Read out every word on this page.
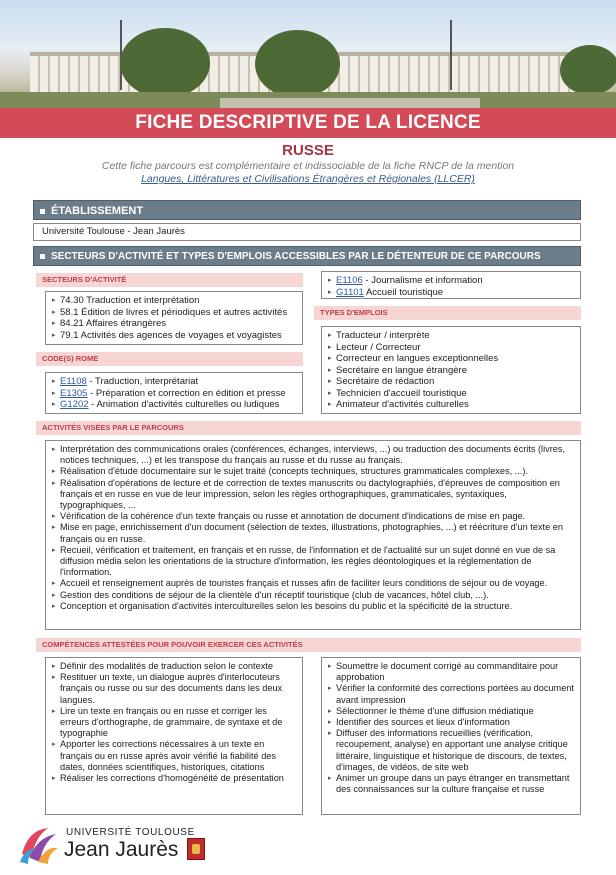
FICHE DESCRIPTIVE DE LA LICENCE
RUSSE
Cette fiche parcours est complémentaire et indissociable de la fiche RNCP de la mention
Langues, Littératures et Civilisations Étrangères et Régionales (LLCER)
ÉTABLISSEMENT
Université Toulouse - Jean Jaurès
SECTEURS D'ACTIVITÉ ET TYPES D'EMPLOIS ACCESSIBLES PAR LE DÉTENTEUR DE CE PARCOURS
SECTEURS D'ACTIVITÉ
▸ 74.30 Traduction et interprétation
▸ 58.1 Édition de livres et périodiques et autres activités
▸ 84.21 Affaires étrangères
▸ 79.1 Activités des agences de voyages et voyagistes
CODE(S) ROME
▸ E1108 - Traduction, interprétariat
▸ E1305 - Préparation et correction en édition et presse
▸ G1202 - Animation d'activités culturelles ou ludiques
▸ E1106 - Journalisme et information
▸ G1101 Accueil touristique
TYPES D'EMPLOIS
▸ Traducteur / interprète
▸ Lecteur / Correcteur
▸ Correcteur en langues exceptionnelles
▸ Secrétaire en langue étrangère
▸ Secrétaire de rédaction
▸ Technicien d'accueil touristique
▸ Animateur d'activités culturelles
ACTIVITÉS VISÉES PAR LE PARCOURS
▸ Interprétation des communications orales (conférences, échanges, interviews, ...) ou traduction des documents écrits (livres, notices techniques, ...) et les transpose du français au russe et du russe au français.
▸ Réalisation d'étude documentaire sur le sujet traité (concepts techniques, structures grammaticales complexes, ...).
▸ Réalisation d'opérations de lecture et de correction de textes manuscrits ou dactylographiés, d'épreuves de composition en français et en russe en vue de leur impression, selon les règles orthographiques, grammaticales, syntaxiques, typographiques, ...
▸ Vérification de la cohérence d'un texte français ou russe et annotation de document d'indications de mise en page.
▸ Mise en page, enrichissement d'un document (sélection de textes, illustrations, photographies, ...) et réécriture d'un texte en français ou en russe.
▸ Recueil, vérification et traitement, en français et en russe, de l'information et de l'actualité sur un sujet donné en vue de sa diffusion média selon les orientations de la structure d'information, les règles déontologiques et la réglementation de l'information.
▸ Accueil et renseignement auprès de touristes français et russes afin de faciliter leurs conditions de séjour ou de voyage.
▸ Gestion des conditions de séjour de la clientèle d'un réceptif touristique (club de vacances, hôtel club, ...).
▸ Conception et organisation d'activités interculturelles selon les besoins du public et la spécificité de la structure.
COMPÉTENCES ATTESTÉES POUR POUVOIR EXERCER CES ACTIVITÉS
▸ Définir des modalités de traduction selon le contexte
▸ Restituer un texte, un dialogue auprès d'interlocuteurs français ou russe ou sur des documents dans les deux langues.
▸ Lire un texte en français ou en russe et corriger les erreurs d'orthographe, de grammaire, de syntaxe et de typographie
▸ Apporter les corrections nécessaires à un texte en français ou en russe après avoir vérifié la fiabilité des dates, données scientifiques, historiques, citations
▸ Réaliser les corrections d'homogénéité de présentation
▸ Soumettre le document corrigé au commanditaire pour approbation
▸ Vérifier la conformité des corrections portées au document avant impression
▸ Sélectionner le thème d'une diffusion médiatique
▸ Identifier des sources et lieux d'information
▸ Diffuser des informations recueillies (vérification, recoupement, analyse) en apportant une analyse critique littéraire, linguistique et historique de discours, de textes, d'images, de vidéos, de site web
▸ Animer un groupe dans un pays étranger en transmettant des connaissances sur la culture française et russe
UNIVERSITÉ TOULOUSE
Jean Jaurès
